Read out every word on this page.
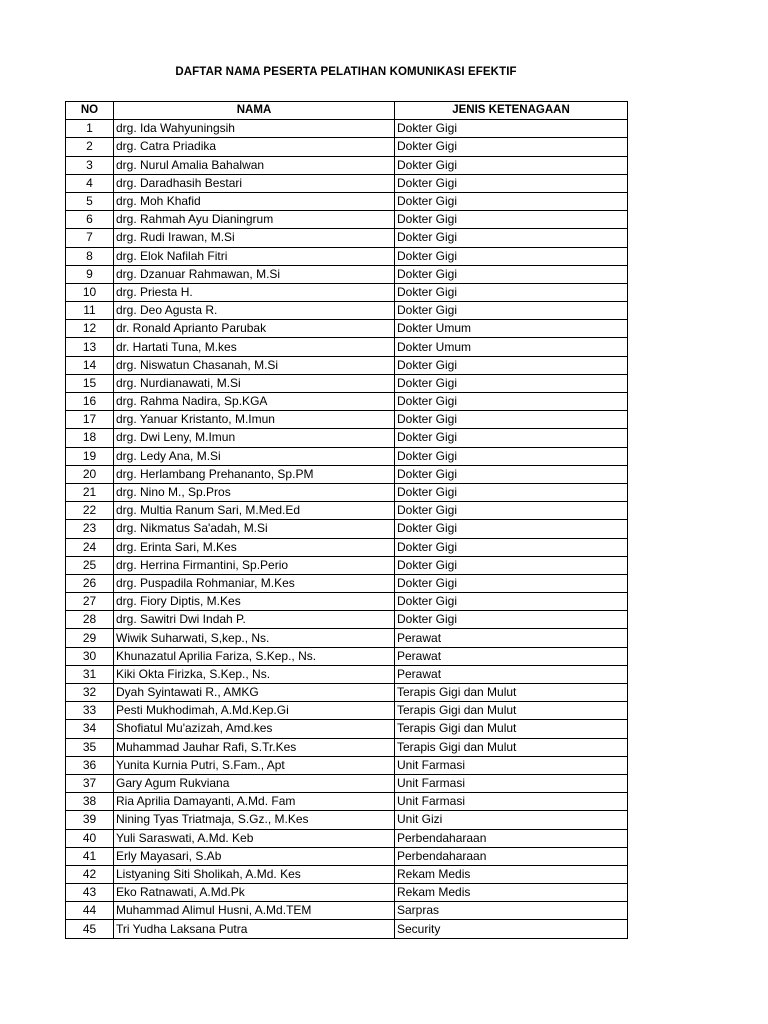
DAFTAR NAMA PESERTA PELATIHAN KOMUNIKASI EFEKTIF
NO	NAMA	JENIS KETENAGAAN
1	drg. Ida Wahyuningsih	Dokter Gigi
2	drg. Catra Priadika	Dokter Gigi
3	drg. Nurul Amalia Bahalwan	Dokter Gigi
4	drg. Daradhasih Bestari	Dokter Gigi
5	drg. Moh Khafid	Dokter Gigi
6	drg. Rahmah Ayu Dianingrum	Dokter Gigi
7	drg. Rudi Irawan, M.Si	Dokter Gigi
8	drg. Elok Nafilah Fitri	Dokter Gigi
9	drg. Dzanuar Rahmawan, M.Si	Dokter Gigi
10	drg. Priesta H.	Dokter Gigi
11	drg. Deo Agusta R.	Dokter Gigi
12	dr. Ronald Aprianto Parubak	Dokter Umum
13	dr. Hartati Tuna, M.kes	Dokter Umum
14	drg. Niswatun Chasanah, M.Si	Dokter Gigi
15	drg. Nurdianawati, M.Si	Dokter Gigi
16	drg. Rahma Nadira, Sp.KGA	Dokter Gigi
17	drg. Yanuar Kristanto, M.Imun	Dokter Gigi
18	drg. Dwi Leny, M.Imun	Dokter Gigi
19	drg. Ledy Ana, M.Si	Dokter Gigi
20	drg. Herlambang Prehananto, Sp.PM	Dokter Gigi
21	drg. Nino M., Sp.Pros	Dokter Gigi
22	drg. Multia Ranum Sari, M.Med.Ed	Dokter Gigi
23	drg. Nikmatus Sa'adah, M.Si	Dokter Gigi
24	drg. Erinta Sari, M.Kes	Dokter Gigi
25	drg. Herrina Firmantini, Sp.Perio	Dokter Gigi
26	drg. Puspadila Rohmaniar, M.Kes	Dokter Gigi
27	drg. Fiory Diptis, M.Kes	Dokter Gigi
28	drg. Sawitri Dwi Indah P.	Dokter Gigi
29	Wiwik Suharwati, S,kep., Ns.	Perawat
30	Khunazatul Aprilia Fariza, S.Kep., Ns.	Perawat
31	Kiki Okta Firizka, S.Kep., Ns.	Perawat
32	Dyah Syintawati R., AMKG	Terapis Gigi dan Mulut
33	Pesti Mukhodimah, A.Md.Kep.Gi	Terapis Gigi dan Mulut
34	Shofiatul Mu'azizah, Amd.kes	Terapis Gigi dan Mulut
35	Muhammad Jauhar Rafi, S.Tr.Kes	Terapis Gigi dan Mulut
36	Yunita Kurnia Putri, S.Fam., Apt	Unit Farmasi
37	Gary Agum Rukviana	Unit Farmasi
38	Ria Aprilia Damayanti, A.Md. Fam	Unit Farmasi
39	Nining Tyas Triatmaja, S.Gz., M.Kes	Unit Gizi
40	Yuli Saraswati, A.Md. Keb	Perbendaharaan
41	Erly Mayasari, S.Ab	Perbendaharaan
42	Listyaning Siti Sholikah, A.Md. Kes	Rekam Medis
43	Eko Ratnawati, A.Md.Pk	Rekam Medis
44	Muhammad Alimul Husni, A.Md.TEM	Sarpras
45	Tri Yudha Laksana Putra	Security
